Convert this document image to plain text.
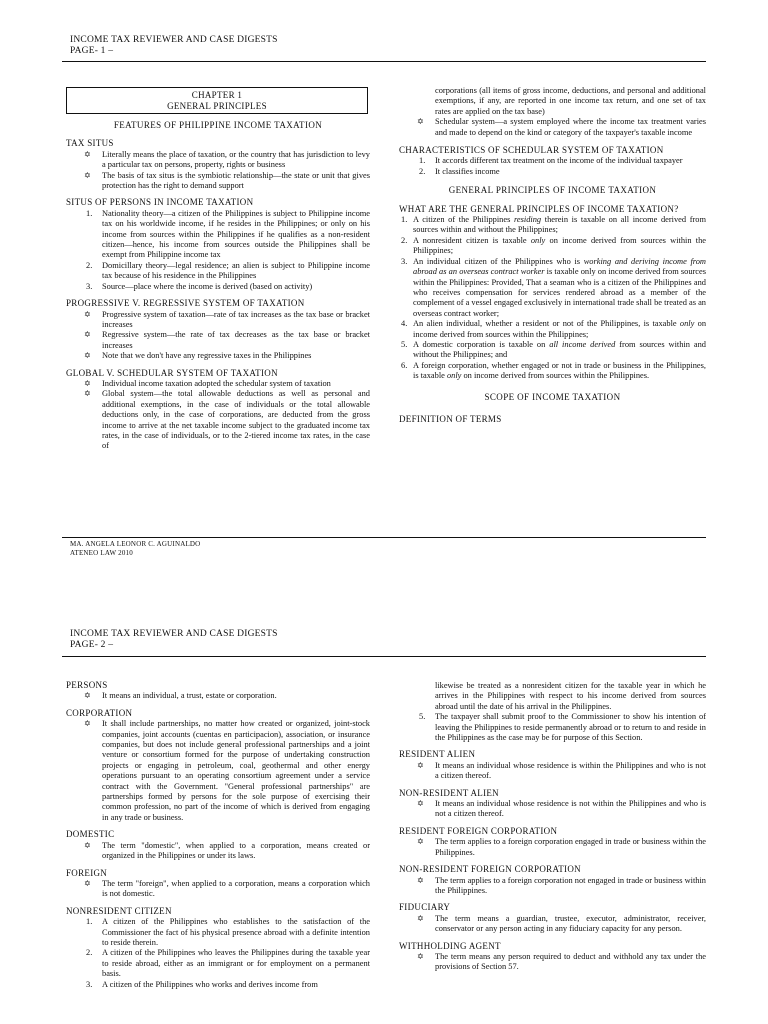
INCOME TAX REVIEWER AND CASE DIGESTS
PAGE- 1 –
CHAPTER 1
GENERAL PRINCIPLES
FEATURES OF PHILIPPINE INCOME TAXATION
TAX SITUS
✡ Literally means the place of taxation, or the country that has jurisdiction to levy a particular tax on persons, property, rights or business
✡ The basis of tax situs is the symbiotic relationship—the state or unit that gives protection has the right to demand support
SITUS OF PERSONS IN INCOME TAXATION
1. Nationality theory—a citizen of the Philippines is subject to Philippine income tax on his worldwide income, if he resides in the Philippines; or only on his income from sources within the Philippines if he qualifies as a non-resident citizen—hence, his income from sources outside the Philippines shall be exempt from Philippine income tax
2. Domicillary theory—legal residence; an alien is subject to Philippine income tax because of his residence in the Philippines
3. Source—place where the income is derived (based on activity)
PROGRESSIVE V. REGRESSIVE SYSTEM OF TAXATION
✡ Progressive system of taxation—rate of tax increases as the tax base or bracket increases
✡ Regressive system—the rate of tax decreases as the tax base or bracket increases
✡ Note that we don't have any regressive taxes in the Philippines
GLOBAL V. SCHEDULAR SYSTEM OF TAXATION
✡ Individual income taxation adopted the schedular system of taxation
✡ Global system—the total allowable deductions as well as personal and additional exemptions, in the case of individuals or the total allowable deductions only, in the case of corporations, are deducted from the gross income to arrive at the net taxable income subject to the graduated income tax rates, in the case of individuals, or to the 2-tiered income tax rates, in the case of
corporations (all items of gross income, deductions, and personal and additional exemptions, if any, are reported in one income tax return, and one set of tax rates are applied on the tax base)
✡ Schedular system—a system employed where the income tax treatment varies and made to depend on the kind or category of the taxpayer's taxable income
CHARACTERISTICS OF SCHEDULAR SYSTEM OF TAXATION
1. It accords different tax treatment on the income of the individual taxpayer
2. It classifies income
GENERAL PRINCIPLES OF INCOME TAXATION
WHAT ARE THE GENERAL PRINCIPLES OF INCOME TAXATION?
1. A citizen of the Philippines residing therein is taxable on all income derived from sources within and without the Philippines;
2. A nonresident citizen is taxable only on income derived from sources within the Philippines;
3. An individual citizen of the Philippines who is working and deriving income from abroad as an overseas contract worker is taxable only on income derived from sources within the Philippines: Provided, That a seaman who is a citizen of the Philippines and who receives compensation for services rendered abroad as a member of the complement of a vessel engaged exclusively in international trade shall be treated as an overseas contract worker;
4. An alien individual, whether a resident or not of the Philippines, is taxable only on income derived from sources within the Philippines;
5. A domestic corporation is taxable on all income derived from sources within and without the Philippines; and
6. A foreign corporation, whether engaged or not in trade or business in the Philippines, is taxable only on income derived from sources within the Philippines.
SCOPE OF INCOME TAXATION
DEFINITION OF TERMS
MA. ANGELA LEONOR C. AGUINALDO
ATENEO LAW 2010
INCOME TAX REVIEWER AND CASE DIGESTS
PAGE- 2 –
PERSONS
✡ It means an individual, a trust, estate or corporation.
CORPORATION
✡ It shall include partnerships, no matter how created or organized, joint-stock companies, joint accounts (cuentas en participacion), association, or insurance companies, but does not include general professional partnerships and a joint venture or consortium formed for the purpose of undertaking construction projects or engaging in petroleum, coal, geothermal and other energy operations pursuant to an operating consortium agreement under a service contract with the Government. "General professional partnerships" are partnerships formed by persons for the sole purpose of exercising their common profession, no part of the income of which is derived from engaging in any trade or business.
DOMESTIC
✡ The term "domestic", when applied to a corporation, means created or organized in the Philippines or under its laws.
FOREIGN
✡ The term "foreign", when applied to a corporation, means a corporation which is not domestic.
NONRESIDENT CITIZEN
1. A citizen of the Philippines who establishes to the satisfaction of the Commissioner the fact of his physical presence abroad with a definite intention to reside therein.
2. A citizen of the Philippines who leaves the Philippines during the taxable year to reside abroad, either as an immigrant or for employment on a permanent basis.
3. A citizen of the Philippines who works and derives income from
likewise be treated as a nonresident citizen for the taxable year in which he arrives in the Philippines with respect to his income derived from sources abroad until the date of his arrival in the Philippines.
5. The taxpayer shall submit proof to the Commissioner to show his intention of leaving the Philippines to reside permanently abroad or to return to and reside in the Philippines as the case may be for purpose of this Section.
RESIDENT ALIEN
✡ It means an individual whose residence is within the Philippines and who is not a citizen thereof.
NON-RESIDENT ALIEN
✡ It means an individual whose residence is not within the Philippines and who is not a citizen thereof.
RESIDENT FOREIGN CORPORATION
✡ The term applies to a foreign corporation engaged in trade or business within the Philippines.
NON-RESIDENT FOREIGN CORPORATION
✡ The term applies to a foreign corporation not engaged in trade or business within the Philippines.
FIDUCIARY
✡ The term means a guardian, trustee, executor, administrator, receiver, conservator or any person acting in any fiduciary capacity for any person.
WITHHOLDING AGENT
✡ The term means any person required to deduct and withhold any tax under the provisions of Section 57.
